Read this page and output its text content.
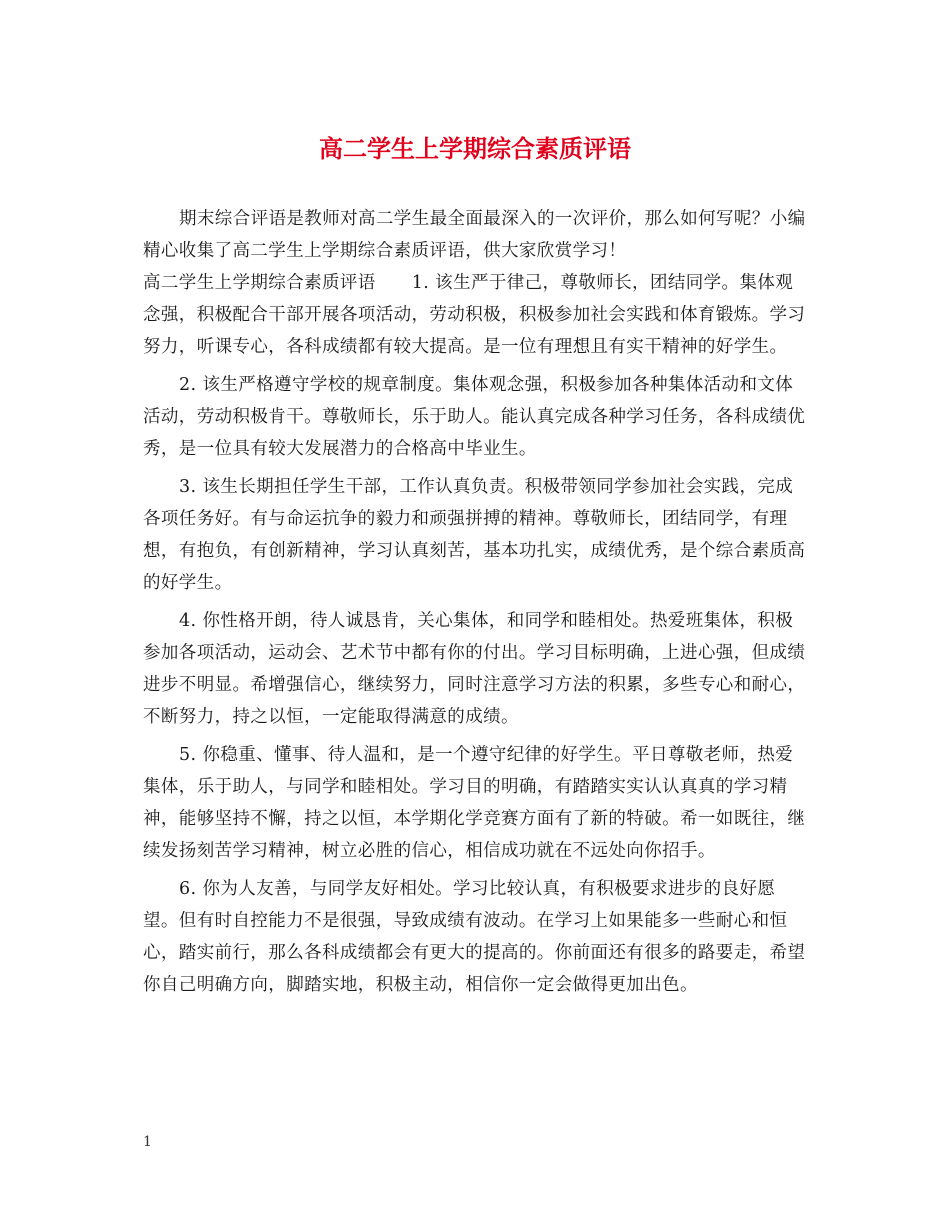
高二学生上学期综合素质评语

期末综合评语是教师对高二学生最全面最深入的一次评价，那么如何写呢？小编精心收集了高二学生上学期综合素质评语，供大家欣赏学习！

高二学生上学期综合素质评语 1. 该生严于律己，尊敬师长，团结同学。集体观念强，积极配合干部开展各项活动，劳动积极，积极参加社会实践和体育锻炼。学习努力，听课专心，各科成绩都有较大提高。是一位有理想且有实干精神的好学生。

2. 该生严格遵守学校的规章制度。集体观念强，积极参加各种集体活动和文体活动，劳动积极肯干。尊敬师长，乐于助人。能认真完成各种学习任务，各科成绩优秀，是一位具有较大发展潜力的合格高中毕业生。

3. 该生长期担任学生干部，工作认真负责。积极带领同学参加社会实践，完成各项任务好。有与命运抗争的毅力和顽强拼搏的精神。尊敬师长，团结同学，有理想，有抱负，有创新精神，学习认真刻苦，基本功扎实，成绩优秀，是个综合素质高的好学生。

4. 你性格开朗，待人诚恳肯，关心集体，和同学和睦相处。热爱班集体，积极参加各项活动，运动会、艺术节中都有你的付出。学习目标明确，上进心强，但成绩进步不明显。希增强信心，继续努力，同时注意学习方法的积累，多些专心和耐心，不断努力，持之以恒，一定能取得满意的成绩。

5. 你稳重、懂事、待人温和，是一个遵守纪律的好学生。平日尊敬老师，热爱集体，乐于助人，与同学和睦相处。学习目的明确，有踏踏实实认认真真的学习精神，能够坚持不懈，持之以恒，本学期化学竞赛方面有了新的特破。希一如既往，继续发扬刻苦学习精神，树立必胜的信心，相信成功就在不远处向你招手。

6. 你为人友善，与同学友好相处。学习比较认真，有积极要求进步的良好愿望。但有时自控能力不是很强，导致成绩有波动。在学习上如果能多一些耐心和恒心，踏实前行，那么各科成绩都会有更大的提高的。你前面还有很多的路要走，希望你自己明确方向，脚踏实地，积极主动，相信你一定会做得更加出色。

1
